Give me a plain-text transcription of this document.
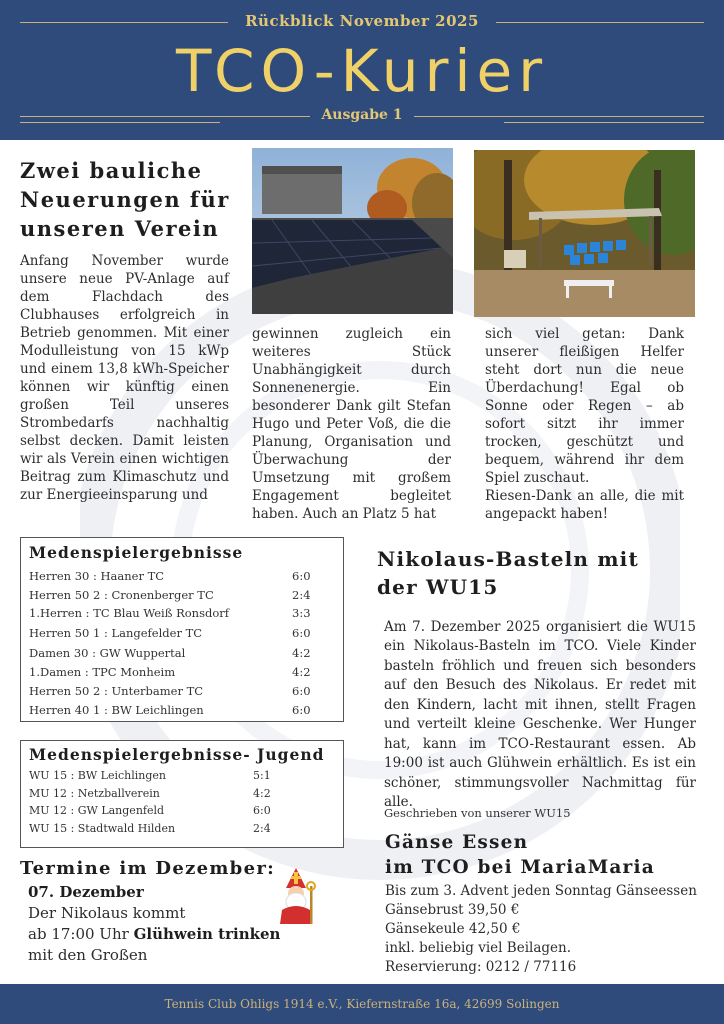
Rückblick November 2025
TCO-Kurier
Ausgabe 1
Zwei bauliche Neuerungen für unseren Verein

Anfang November wurde unsere neue PV-Anlage auf dem Flachdach des Clubhauses erfolgreich in Betrieb genommen. Mit einer Modulleistung von 15 kWp und einem 13,8 kWh-Speicher können wir künftig einen großen Teil unseres Strombedarfs nachhaltig selbst decken. Damit leisten wir als Verein einen wichtigen Beitrag zum Klimaschutz und zur Energieeinsparung und

gewinnen zugleich ein weiteres Stück Unabhängigkeit durch Sonnenenergie. Ein besonderer Dank gilt Stefan Hugo und Peter Voß, die die Planung, Organisation und Überwachung der Umsetzung mit großem Engagement begleitet haben. Auch an Platz 5 hat

sich viel getan: Dank unserer fleißigen Helfer steht dort nun die neue Überdachung! Egal ob Sonne oder Regen – ab sofort sitzt ihr immer trocken, geschützt und bequem, während ihr dem Spiel zuschaut.

Riesen-Dank an alle, die mit angepackt haben!

Medenspielergebnisse
Herren 30 : Haaner TC	6:0
Herren 50 2 : Cronenberger TC	2:4
1.Herren : TC Blau Weiß Ronsdorf	3:3
Herren 50 1 : Langefelder TC	6:0
Damen 30 : GW Wuppertal	4:2
1.Damen : TPC Monheim	4:2
Herren 50 2 : Unterbamer TC	6:0
Herren 40 1 : BW Leichlingen	6:0
Medenspielergebnisse- Jugend
WU 15 : BW Leichlingen	5:1
MU 12 : Netzballverein	4:2
MU 12 : GW Langenfeld	6:0
WU 15 : Stadtwald Hilden	2:4
Nikolaus-Basteln mit der WU15

Am 7. Dezember 2025 organisiert die WU15 ein Nikolaus-Basteln im TCO. Viele Kinder basteln fröhlich und freuen sich besonders auf den Besuch des Nikolaus. Er redet mit den Kindern, lacht mit ihnen, stellt Fragen und verteilt kleine Geschenke. Wer Hunger hat, kann im TCO-Restaurant essen. Ab 19:00 ist auch Glühwein erhältlich. Es ist ein schöner, stimmungsvoller Nachmittag für alle.

Geschrieben von unserer WU15
Gänse Essen
im TCO bei MariaMaria
Bis zum 3. Advent jeden Sonntag Gänseessen
Gänsebrust 39,50 €
Gänsekeule 42,50 €
inkl. beliebig viel Beilagen.
Reservierung: 0212 / 77116
Termine im Dezember:
07. Dezember
Der Nikolaus kommt
ab 17:00 Uhr Glühwein trinken
mit den Großen
Tennis Club Ohligs 1914 e.V., Kiefernstraße 16a, 42699 Solingen
